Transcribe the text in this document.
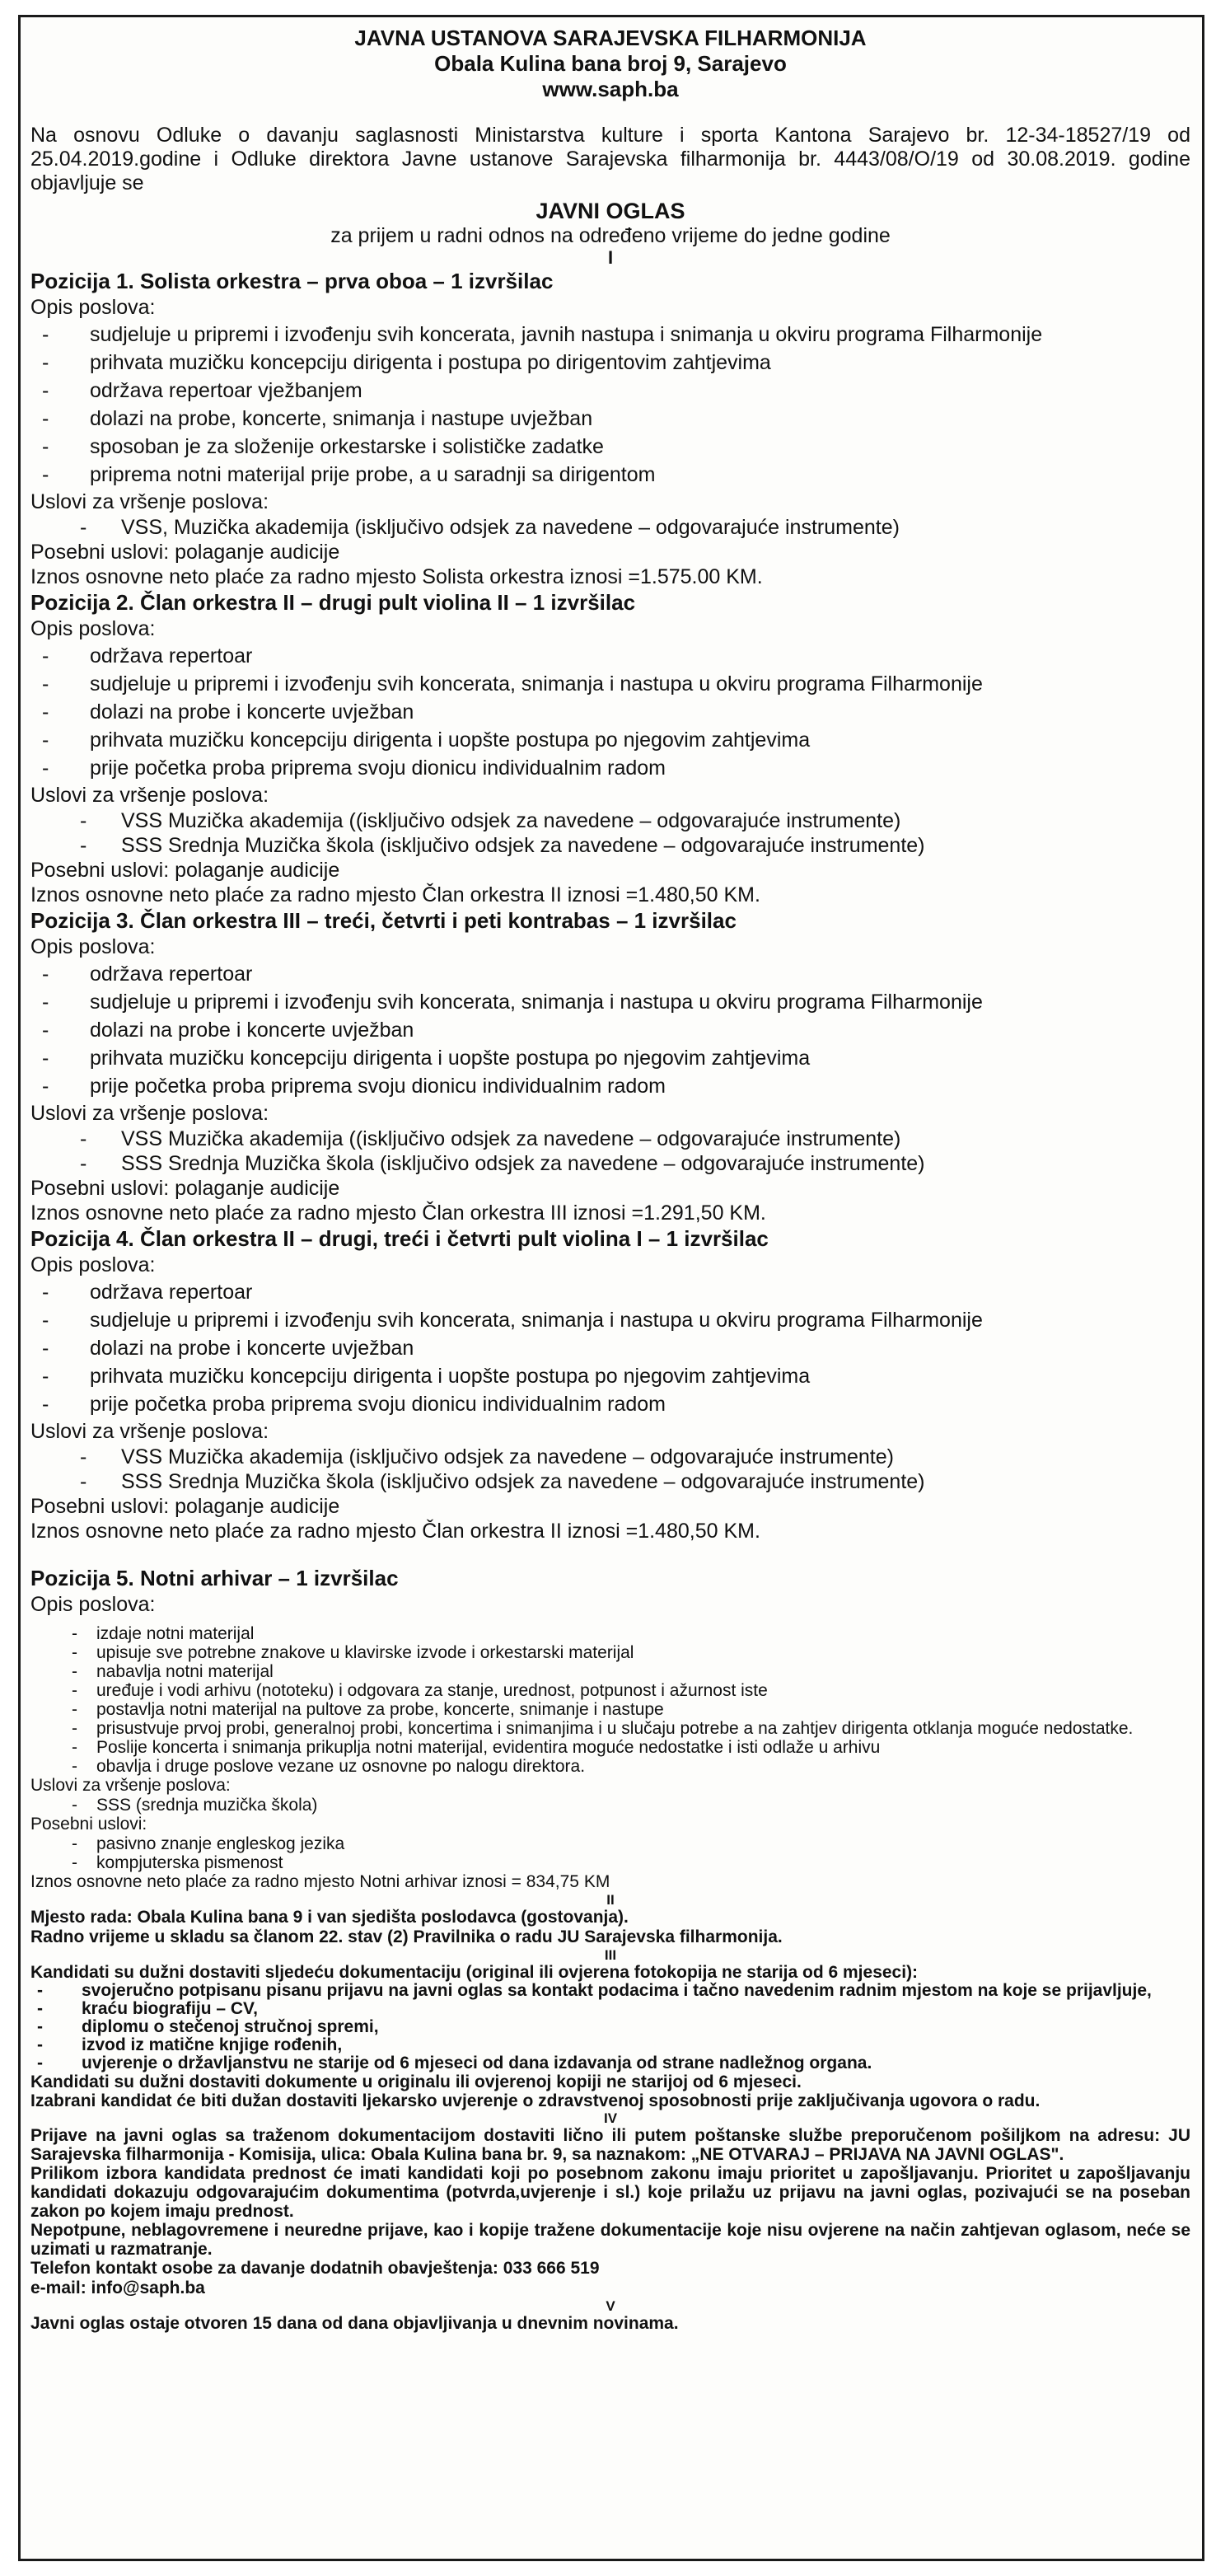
JAVNA USTANOVA SARAJEVSKA FILHARMONIJA
Obala Kulina bana broj 9, Sarajevo
www.saph.ba
Na osnovu Odluke o davanju saglasnosti Ministarstva kulture i sporta Kantona Sarajevo br. 12-34-18527/19 od 25.04.2019.godine i Odluke direktora Javne ustanove Sarajevska filharmonija br. 4443/08/O/19 od 30.08.2019. godine objavljuje se
JAVNI OGLAS
za prijem u radni odnos na određeno vrijeme do jedne godine
I
Pozicija 1. Solista orkestra – prva oboa – 1 izvršilac
Opis poslova:
- sudjeluje u pripremi i izvođenju svih koncerata, javnih nastupa i snimanja u okviru programa Filharmonije
- prihvata muzičku koncepciju dirigenta i postupa po dirigentovim zahtjevima
- održava repertoar vježbanjem
- dolazi na probe, koncerte, snimanja i nastupe uvježban
- sposoban je za složenije orkestarske i solističke zadatke
- priprema notni materijal prije probe, a u saradnji sa dirigentom
Uslovi za vršenje poslova:
- VSS, Muzička akademija (isključivo odsjek za navedene – odgovarajuće instrumente)
Posebni uslovi: polaganje audicije
Iznos osnovne neto plaće za radno mjesto Solista orkestra iznosi =1.575.00 KM.
Pozicija 2. Član orkestra II – drugi pult violina II – 1 izvršilac
Opis poslova:
- održava repertoar
- sudjeluje u pripremi i izvođenju svih koncerata, snimanja i nastupa u okviru programa Filharmonije
- dolazi na probe i koncerte uvježban
- prihvata muzičku koncepciju dirigenta i uopšte postupa po njegovim zahtjevima
- prije početka proba priprema svoju dionicu individualnim radom
Uslovi za vršenje poslova:
- VSS Muzička akademija ((isključivo odsjek za navedene – odgovarajuće instrumente)
- SSS Srednja Muzička škola (isključivo odsjek za navedene – odgovarajuće instrumente)
Posebni uslovi: polaganje audicije
Iznos osnovne neto plaće za radno mjesto Član orkestra II iznosi =1.480,50 KM.
Pozicija 3. Član orkestra III – treći, četvrti i peti kontrabas – 1 izvršilac
Opis poslova:
- održava repertoar
- sudjeluje u pripremi i izvođenju svih koncerata, snimanja i nastupa u okviru programa Filharmonije
- dolazi na probe i koncerte uvježban
- prihvata muzičku koncepciju dirigenta i uopšte postupa po njegovim zahtjevima
- prije početka proba priprema svoju dionicu individualnim radom
Uslovi za vršenje poslova:
- VSS Muzička akademija ((isključivo odsjek za navedene – odgovarajuće instrumente)
- SSS Srednja Muzička škola (isključivo odsjek za navedene – odgovarajuće instrumente)
Posebni uslovi: polaganje audicije
Iznos osnovne neto plaće za radno mjesto Član orkestra III iznosi =1.291,50 KM.
Pozicija 4. Član orkestra II – drugi, treći i četvrti pult violina I – 1 izvršilac
Opis poslova:
- održava repertoar
- sudjeluje u pripremi i izvođenju svih koncerata, snimanja i nastupa u okviru programa Filharmonije
- dolazi na probe i koncerte uvježban
- prihvata muzičku koncepciju dirigenta i uopšte postupa po njegovim zahtjevima
- prije početka proba priprema svoju dionicu individualnim radom
Uslovi za vršenje poslova:
- VSS Muzička akademija (isključivo odsjek za navedene – odgovarajuće instrumente)
- SSS Srednja Muzička škola (isključivo odsjek za navedene – odgovarajuće instrumente)
Posebni uslovi: polaganje audicije
Iznos osnovne neto plaće za radno mjesto Član orkestra II iznosi =1.480,50 KM.
Pozicija 5. Notni arhivar – 1 izvršilac
Opis poslova:
- izdaje notni materijal
- upisuje sve potrebne znakove u klavirske izvode i orkestarski materijal
- nabavlja notni materijal
- uređuje i vodi arhivu (nototeku) i odgovara za stanje, urednost, potpunost i ažurnost iste
- postavlja notni materijal na pultove za probe, koncerte, snimanje i nastupe
- prisustvuje prvoj probi, generalnoj probi, koncertima i snimanjima i u slučaju potrebe a na zahtjev dirigenta otklanja moguće nedostatke.
- Poslije koncerta i snimanja prikuplja notni materijal, evidentira moguće nedostatke i isti odlaže u arhivu
- obavlja i druge poslove vezane uz osnovne po nalogu direktora.
Uslovi za vršenje poslova:
- SSS (srednja muzička škola)
Posebni uslovi:
- pasivno znanje engleskog jezika
- kompjuterska pismenost
Iznos osnovne neto plaće za radno mjesto Notni arhivar iznosi = 834,75 KM
II
Mjesto rada: Obala Kulina bana 9 i van sjedišta poslodavca (gostovanja).
Radno vrijeme u skladu sa članom 22. stav (2) Pravilnika o radu JU Sarajevska filharmonija.
III
Kandidati su dužni dostaviti sljedeću dokumentaciju (original ili ovjerena fotokopija ne starija od 6 mjeseci):
- svojeručno potpisanu pisanu prijavu na javni oglas sa kontakt podacima i tačno navedenim radnim mjestom na koje se prijavljuje,
- kraću biografiju – CV,
- diplomu o stečenoj stručnoj spremi,
- izvod iz matične knjige rođenih,
- uvjerenje o državljanstvu ne starije od 6 mjeseci od dana izdavanja od strane nadležnog organa.
Kandidati su dužni dostaviti dokumente u originalu ili ovjerenoj kopiji ne starijoj od 6 mjeseci.
Izabrani kandidat će biti dužan dostaviti ljekarsko uvjerenje o zdravstvenoj sposobnosti prije zaključivanja ugovora o radu.
IV
Prijave na javni oglas sa traženom dokumentacijom dostaviti lično ili putem poštanske službe preporučenom pošiljkom na adresu: JU Sarajevska filharmonija - Komisija, ulica: Obala Kulina bana br. 9, sa naznakom: „NE OTVARAJ – PRIJAVA NA JAVNI OGLAS".
Prilikom izbora kandidata prednost će imati kandidati koji po posebnom zakonu imaju prioritet u zapošljavanju. Prioritet u zapošljavanju kandidati dokazuju odgovarajućim dokumentima (potvrda,uvjerenje i sl.) koje prilažu uz prijavu na javni oglas, pozivajući se na poseban zakon po kojem imaju prednost.
Nepotpune, neblagovremene i neuredne prijave, kao i kopije tražene dokumentacije koje nisu ovjerene na način zahtjevan oglasom, neće se uzimati u razmatranje.
Telefon kontakt osobe za davanje dodatnih obavještenja: 033 666 519
e-mail: info@saph.ba
V
Javni oglas ostaje otvoren 15 dana od dana objavljivanja u dnevnim novinama.
